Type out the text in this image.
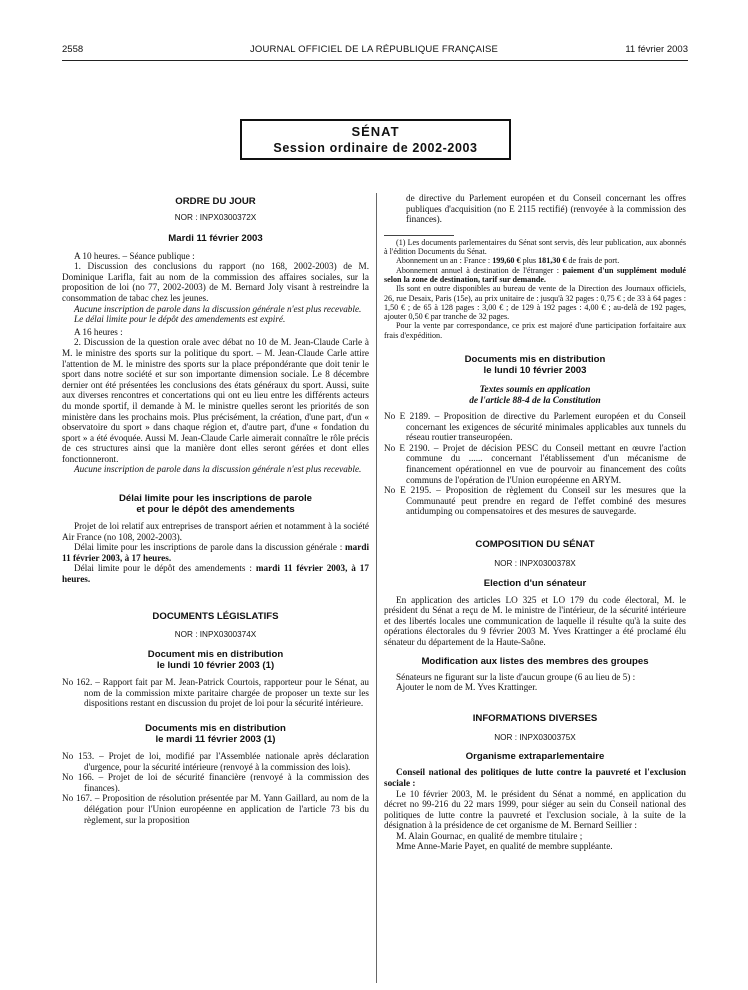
2558	JOURNAL OFFICIEL DE LA RÉPUBLIQUE FRANÇAISE	11 février 2003
SÉNAT
Session ordinaire de 2002-2003
ORDRE DU JOUR
NOR : INPX0300372X
Mardi 11 février 2003

A 10 heures. – Séance publique :

1. Discussion des conclusions du rapport (no 168, 2002-2003) de M. Dominique Larifla, fait au nom de la commission des affaires sociales, sur la proposition de loi (no 77, 2002-2003) de M. Bernard Joly visant à restreindre la consommation de tabac chez les jeunes.

Aucune inscription de parole dans la discussion générale n'est plus recevable.

Le délai limite pour le dépôt des amendements est expiré.

A 16 heures :

2. Discussion de la question orale avec débat no 10 de M. Jean-Claude Carle à M. le ministre des sports sur la politique du sport. – M. Jean-Claude Carle attire l'attention de M. le ministre des sports sur la place prépondérante que doit tenir le sport dans notre société et sur son importante dimension sociale. Le 8 décembre dernier ont été présentées les conclusions des états généraux du sport. Aussi, suite aux diverses rencontres et concertations qui ont eu lieu entre les différents acteurs du monde sportif, il demande à M. le ministre quelles seront les priorités de son ministère dans les prochains mois. Plus précisément, la création, d'une part, d'un « observatoire du sport » dans chaque région et, d'autre part, d'une « fondation du sport » a été évoquée. Aussi M. Jean-Claude Carle aimerait connaître le rôle précis de ces structures ainsi que la manière dont elles seront gérées et dont elles fonctionneront.

Aucune inscription de parole dans la discussion générale n'est plus recevable.

Délai limite pour les inscriptions de parole
et pour le dépôt des amendements

Projet de loi relatif aux entreprises de transport aérien et notamment à la société Air France (no 108, 2002-2003).

Délai limite pour les inscriptions de parole dans la discussion générale : mardi 11 février 2003, à 17 heures.

Délai limite pour le dépôt des amendements : mardi 11 février 2003, à 17 heures.

DOCUMENTS LÉGISLATIFS
NOR : INPX0300374X
Document mis en distribution
le lundi 10 février 2003 (1)

No 162. – Rapport fait par M. Jean-Patrick Courtois, rapporteur pour le Sénat, au nom de la commission mixte paritaire chargée de proposer un texte sur les dispositions restant en discussion du projet de loi pour la sécurité intérieure.

Documents mis en distribution
le mardi 11 février 2003 (1)

No 153. – Projet de loi, modifié par l'Assemblée nationale après déclaration d'urgence, pour la sécurité intérieure (renvoyé à la commission des lois).

No 166. – Projet de loi de sécurité financière (renvoyé à la commission des finances).

No 167. – Proposition de résolution présentée par M. Yann Gaillard, au nom de la délégation pour l'Union européenne en application de l'article 73 bis du règlement, sur la proposition

de directive du Parlement européen et du Conseil concernant les offres publiques d'acquisition (no E 2115 rectifié) (renvoyée à la commission des finances).

(1) Les documents parlementaires du Sénat sont servis, dès leur publication, aux abonnés à l'édition Documents du Sénat.

Abonnement un an : France : 199,60 € plus 181,30 € de frais de port.

Abonnement annuel à destination de l'étranger : paiement d'un supplément modulé selon la zone de destination, tarif sur demande.

Ils sont en outre disponibles au bureau de vente de la Direction des Journaux officiels, 26, rue Desaix, Paris (15e), au prix unitaire de : jusqu'à 32 pages : 0,75 € ; de 33 à 64 pages : 1,50 € ; de 65 à 128 pages : 3,00 € ; de 129 à 192 pages : 4,00 € ; au-delà de 192 pages, ajouter 0,50 € par tranche de 32 pages.

Pour la vente par correspondance, ce prix est majoré d'une participation forfaitaire aux frais d'expédition.

Documents mis en distribution
le lundi 10 février 2003
Textes soumis en application
de l'article 88-4 de la Constitution

No E 2189. – Proposition de directive du Parlement européen et du Conseil concernant les exigences de sécurité minimales applicables aux tunnels du réseau routier transeuropéen.

No E 2190. – Projet de décision PESC du Conseil mettant en œuvre l'action commune du ...... concernant l'établissement d'un mécanisme de financement opérationnel en vue de pourvoir au financement des coûts communs de l'opération de l'Union européenne en ARYM.

No E 2195. – Proposition de règlement du Conseil sur les mesures que la Communauté peut prendre en regard de l'effet combiné des mesures antidumping ou compensatoires et des mesures de sauvegarde.

COMPOSITION DU SÉNAT
NOR : INPX0300378X
Election d'un sénateur

En application des articles LO 325 et LO 179 du code électoral, M. le président du Sénat a reçu de M. le ministre de l'intérieur, de la sécurité intérieure et des libertés locales une communication de laquelle il résulte qu'à la suite des opérations électorales du 9 février 2003 M. Yves Krattinger a été proclamé élu sénateur du département de la Haute-Saône.

Modification aux listes des membres des groupes

Sénateurs ne figurant sur la liste d'aucun groupe (6 au lieu de 5) :

Ajouter le nom de M. Yves Krattinger.

INFORMATIONS DIVERSES
NOR : INPX0300375X
Organisme extraparlementaire

Conseil national des politiques de lutte contre la pauvreté et l'exclusion sociale :

Le 10 février 2003, M. le président du Sénat a nommé, en application du décret no 99-216 du 22 mars 1999, pour siéger au sein du Conseil national des politiques de lutte contre la pauvreté et l'exclusion sociale, à la suite de la désignation à la présidence de cet organisme de M. Bernard Seillier :

M. Alain Gournac, en qualité de membre titulaire ;

Mme Anne-Marie Payet, en qualité de membre suppléante.
